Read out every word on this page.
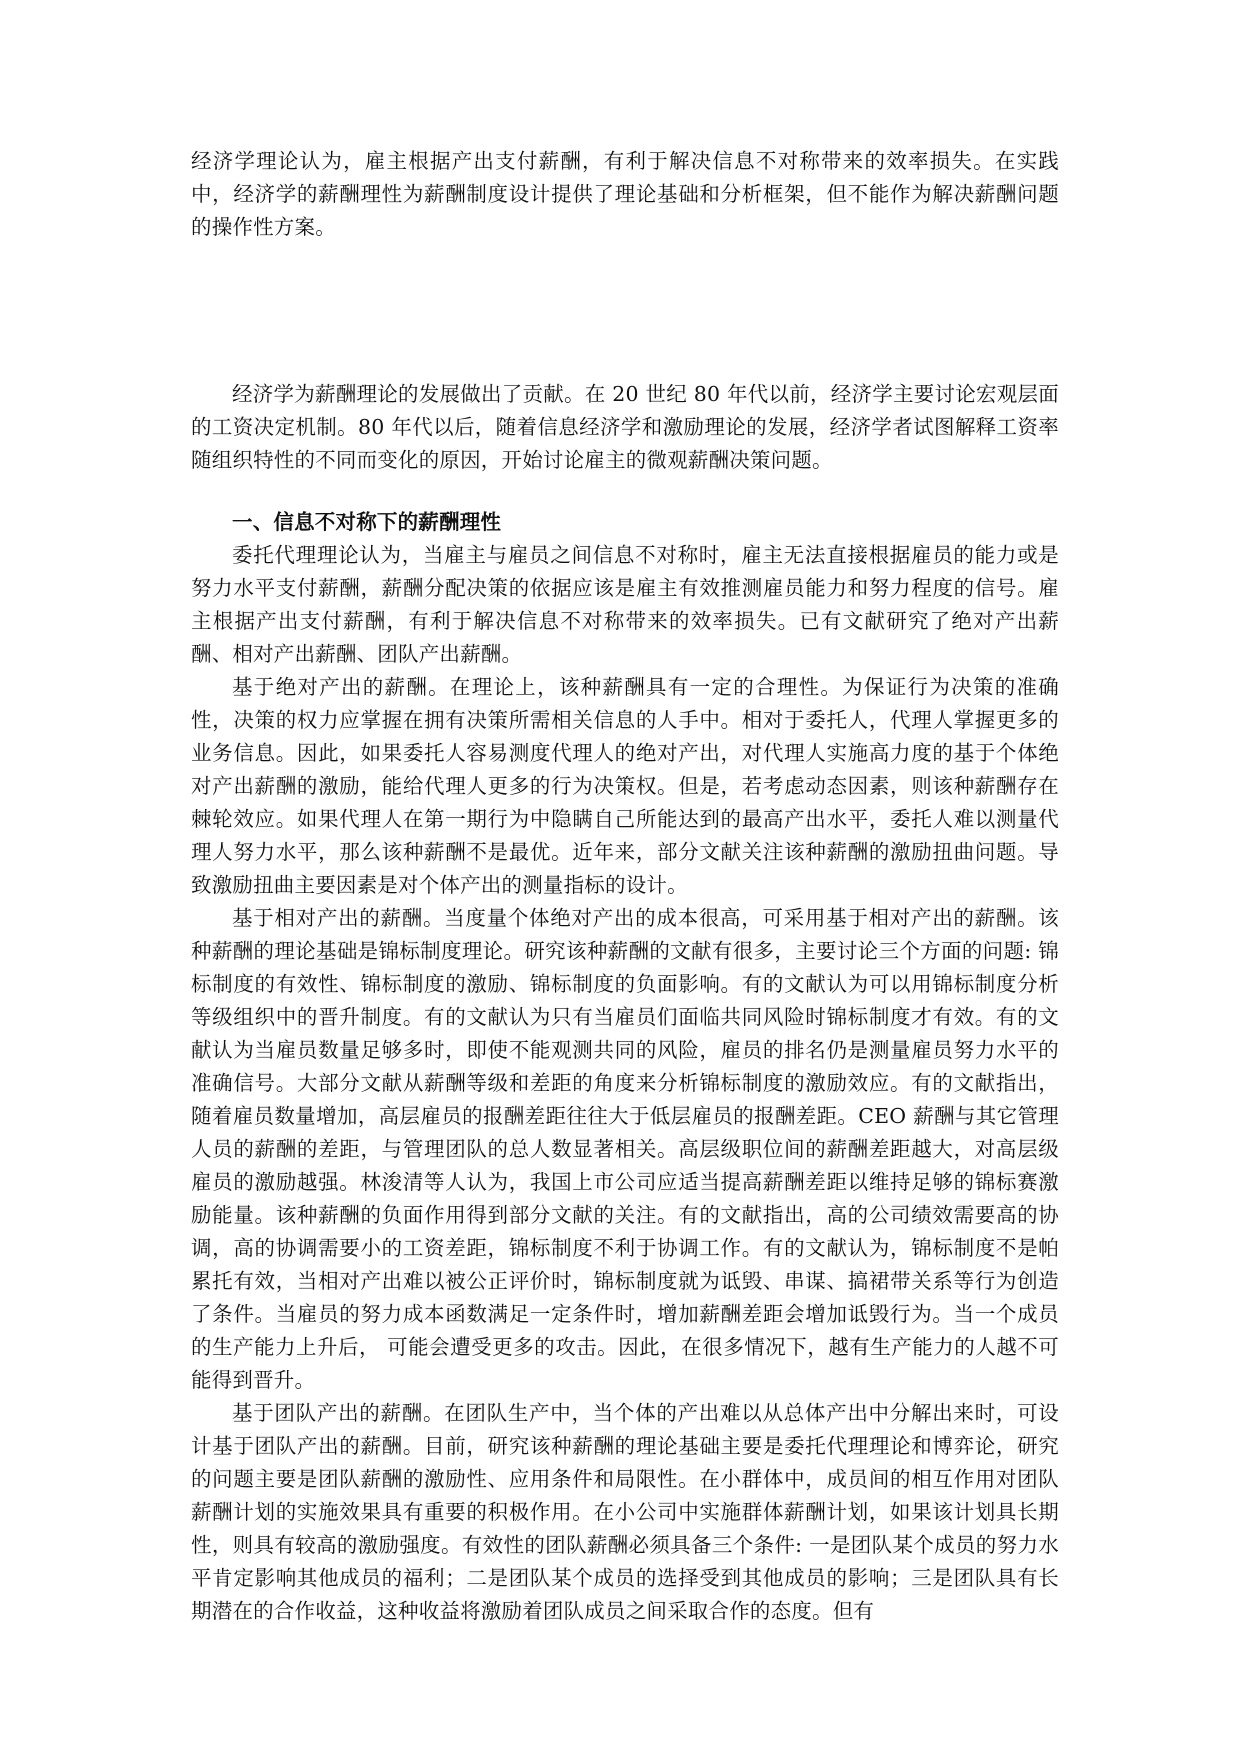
经济学理论认为，雇主根据产出支付薪酬，有利于解决信息不对称带来的效率损失。在实践中，经济学的薪酬理性为薪酬制度设计提供了理论基础和分析框架，但不能作为解决薪酬问题的操作性方案。

经济学为薪酬理论的发展做出了贡献。在 20 世纪 80 年代以前，经济学主要讨论宏观层面的工资决定机制。80 年代以后，随着信息经济学和激励理论的发展，经济学者试图解释工资率随组织特性的不同而变化的原因，开始讨论雇主的微观薪酬决策问题。

一、信息不对称下的薪酬理性

委托代理理论认为，当雇主与雇员之间信息不对称时，雇主无法直接根据雇员的能力或是努力水平支付薪酬，薪酬分配决策的依据应该是雇主有效推测雇员能力和努力程度的信号。雇主根据产出支付薪酬，有利于解决信息不对称带来的效率损失。已有文献研究了绝对产出薪酬、相对产出薪酬、团队产出薪酬。

基于绝对产出的薪酬。在理论上，该种薪酬具有一定的合理性。为保证行为决策的准确性，决策的权力应掌握在拥有决策所需相关信息的人手中。相对于委托人，代理人掌握更多的业务信息。因此，如果委托人容易测度代理人的绝对产出，对代理人实施高力度的基于个体绝对产出薪酬的激励，能给代理人更多的行为决策权。但是，若考虑动态因素，则该种薪酬存在棘轮效应。如果代理人在第一期行为中隐瞒自己所能达到的最高产出水平，委托人难以测量代理人努力水平，那么该种薪酬不是最优。近年来，部分文献关注该种薪酬的激励扭曲问题。导致激励扭曲主要因素是对个体产出的测量指标的设计。

基于相对产出的薪酬。当度量个体绝对产出的成本很高，可采用基于相对产出的薪酬。该种薪酬的理论基础是锦标制度理论。研究该种薪酬的文献有很多，主要讨论三个方面的问题: 锦标制度的有效性、锦标制度的激励、锦标制度的负面影响。有的文献认为可以用锦标制度分析等级组织中的晋升制度。有的文献认为只有当雇员们面临共同风险时锦标制度才有效。有的文献认为当雇员数量足够多时，即使不能观测共同的风险，雇员的排名仍是测量雇员努力水平的准确信号。大部分文献从薪酬等级和差距的角度来分析锦标制度的激励效应。有的文献指出，随着雇员数量增加，高层雇员的报酬差距往往大于低层雇员的报酬差距。CEO 薪酬与其它管理人员的薪酬的差距，与管理团队的总人数显著相关。高层级职位间的薪酬差距越大，对高层级雇员的激励越强。林浚清等人认为，我国上市公司应适当提高薪酬差距以维持足够的锦标赛激励能量。该种薪酬的负面作用得到部分文献的关注。有的文献指出，高的公司绩效需要高的协调，高的协调需要小的工资差距，锦标制度不利于协调工作。有的文献认为，锦标制度不是帕累托有效，当相对产出难以被公正评价时，锦标制度就为诋毁、串谋、搞裙带关系等行为创造了条件。当雇员的努力成本函数满足一定条件时，增加薪酬差距会增加诋毁行为。当一个成员的生产能力上升后， 可能会遭受更多的攻击。因此，在很多情况下，越有生产能力的人越不可能得到晋升。

基于团队产出的薪酬。在团队生产中，当个体的产出难以从总体产出中分解出来时，可设计基于团队产出的薪酬。目前，研究该种薪酬的理论基础主要是委托代理理论和博弈论，研究的问题主要是团队薪酬的激励性、应用条件和局限性。在小群体中，成员间的相互作用对团队薪酬计划的实施效果具有重要的积极作用。在小公司中实施群体薪酬计划，如果该计划具长期性，则具有较高的激励强度。有效性的团队薪酬必须具备三个条件: 一是团队某个成员的努力水平肯定影响其他成员的福利；二是团队某个成员的选择受到其他成员的影响；三是团队具有长期潜在的合作收益，这种收益将激励着团队成员之间采取合作的态度。但有
